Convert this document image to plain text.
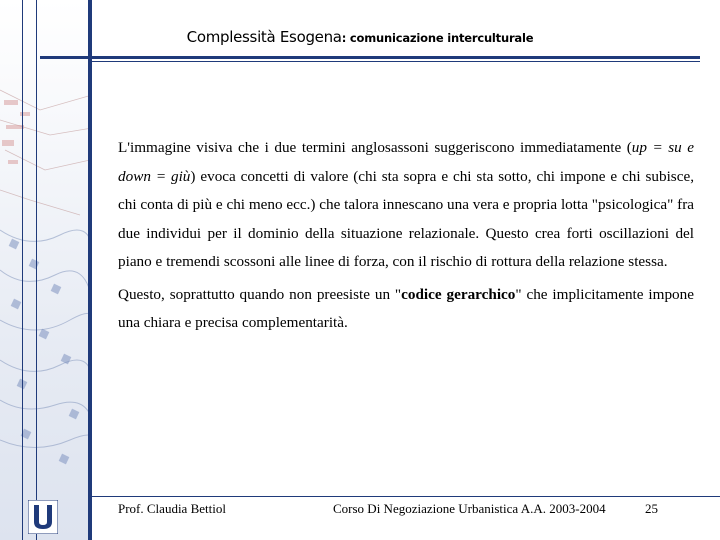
Complessità Esogena: comunicazione interculturale

L'immagine visiva che i due termini anglosassoni suggeriscono immediatamente (up = su e down = giù) evoca concetti di valore (chi sta sopra e chi sta sotto, chi impone e chi subisce, chi conta di più e chi meno ecc.) che talora innescano una vera e propria lotta "psicologica" fra due individui per il dominio della situazione relazionale. Questo crea forti oscillazioni del piano e tremendi scossoni alle linee di forza, con il rischio di rottura della relazione stessa.

Questo, soprattutto quando non preesiste un "codice gerarchico" che implicitamente impone una chiara e precisa complementarità.

Prof. Claudia Bettiol	Corso Di Negoziazione Urbanistica A.A. 2003-2004	25
